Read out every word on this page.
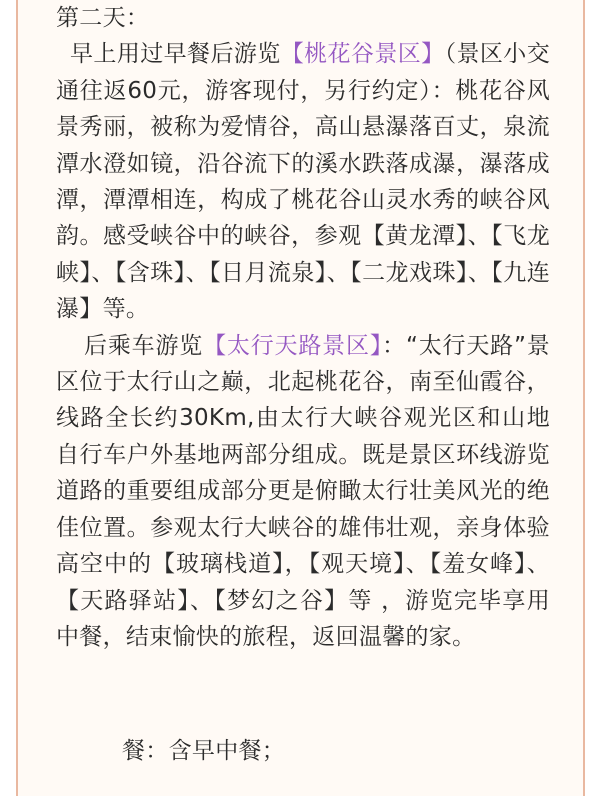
第二天：

早上用过早餐后游览【桃花谷景区】（景区小交通往返60元，游客现付，另行约定）：桃花谷风景秀丽，被称为爱情谷，高山悬瀑落百丈，泉流潭水澄如镜，沿谷流下的溪水跌落成瀑，瀑落成潭，潭潭相连，构成了桃花谷山灵水秀的峡谷风韵。感受峡谷中的峡谷，参观【黄龙潭】、【飞龙峡】、【含珠】、【日月流泉】、【二龙戏珠】、【九连瀑】等。

后乘车游览【太行天路景区】：“太行天路”景区位于太行山之巅，北起桃花谷，南至仙霞谷，线路全长约30Km,由太行大峡谷观光区和山地自行车户外基地两部分组成。既是景区环线游览道路的重要组成部分更是俯瞰太行壮美风光的绝佳位置。参观太行大峡谷的雄伟壮观，亲身体验高空中的【玻璃栈道】，【观天境】、【羞女峰】、【天路驿站】、【梦幻之谷】等 ，游览完毕享用中餐，结束愉快的旅程，返回温馨的家。

餐：含早中餐；
